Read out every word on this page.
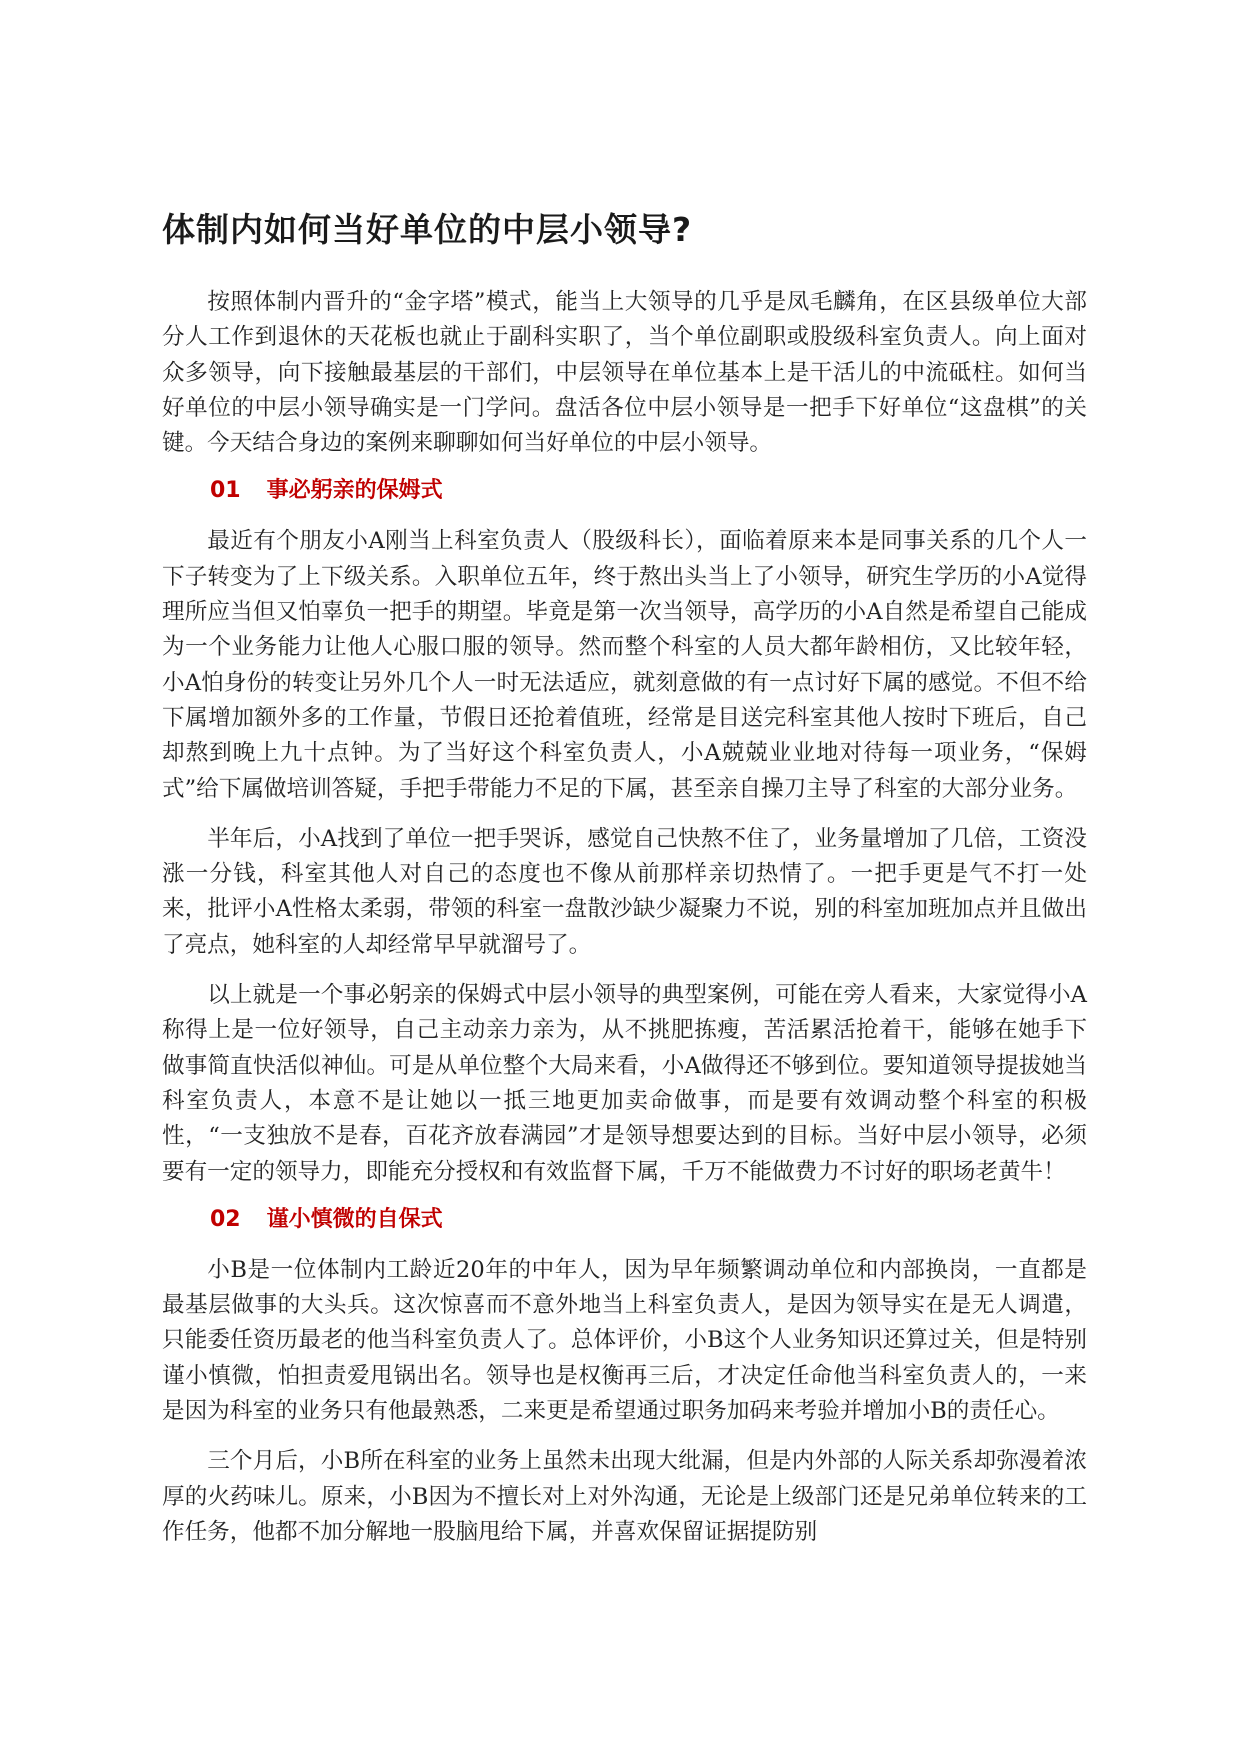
体制内如何当好单位的中层小领导?

按照体制内晋升的“金字塔”模式，能当上大领导的几乎是凤毛麟角，在区县级单位大部分人工作到退休的天花板也就止于副科实职了，当个单位副职或股级科室负责人。向上面对众多领导，向下接触最基层的干部们，中层领导在单位基本上是干活儿的中流砥柱。如何当好单位的中层小领导确实是一门学问。盘活各位中层小领导是一把手下好单位“这盘棋”的关键。今天结合身边的案例来聊聊如何当好单位的中层小领导。

01 事必躬亲的保姆式

最近有个朋友小A刚当上科室负责人（股级科长），面临着原来本是同事关系的几个人一下子转变为了上下级关系。入职单位五年，终于熬出头当上了小领导，研究生学历的小A觉得理所应当但又怕辜负一把手的期望。毕竟是第一次当领导，高学历的小A自然是希望自己能成为一个业务能力让他人心服口服的领导。然而整个科室的人员大都年龄相仿，又比较年轻，小A怕身份的转变让另外几个人一时无法适应，就刻意做的有一点讨好下属的感觉。不但不给下属增加额外多的工作量，节假日还抢着值班，经常是目送完科室其他人按时下班后，自己却熬到晚上九十点钟。为了当好这个科室负责人，小A兢兢业业地对待每一项业务，“保姆式”给下属做培训答疑，手把手带能力不足的下属，甚至亲自操刀主导了科室的大部分业务。

半年后，小A找到了单位一把手哭诉，感觉自己快熬不住了，业务量增加了几倍，工资没涨一分钱，科室其他人对自己的态度也不像从前那样亲切热情了。一把手更是气不打一处来，批评小A性格太柔弱，带领的科室一盘散沙缺少凝聚力不说，别的科室加班加点并且做出了亮点，她科室的人却经常早早就溜号了。

以上就是一个事必躬亲的保姆式中层小领导的典型案例，可能在旁人看来，大家觉得小A称得上是一位好领导，自己主动亲力亲为，从不挑肥拣瘦，苦活累活抢着干，能够在她手下做事简直快活似神仙。可是从单位整个大局来看，小A做得还不够到位。要知道领导提拔她当科室负责人，本意不是让她以一抵三地更加卖命做事，而是要有效调动整个科室的积极性，“一支独放不是春，百花齐放春满园”才是领导想要达到的目标。当好中层小领导，必须要有一定的领导力，即能充分授权和有效监督下属，千万不能做费力不讨好的职场老黄牛！

02 谨小慎微的自保式

小B是一位体制内工龄近20年的中年人，因为早年频繁调动单位和内部换岗，一直都是最基层做事的大头兵。这次惊喜而不意外地当上科室负责人，是因为领导实在是无人调遣，只能委任资历最老的他当科室负责人了。总体评价，小B这个人业务知识还算过关，但是特别谨小慎微，怕担责爱甩锅出名。领导也是权衡再三后，才决定任命他当科室负责人的，一来是因为科室的业务只有他最熟悉，二来更是希望通过职务加码来考验并增加小B的责任心。

三个月后，小B所在科室的业务上虽然未出现大纰漏，但是内外部的人际关系却弥漫着浓厚的火药味儿。原来，小B因为不擅长对上对外沟通，无论是上级部门还是兄弟单位转来的工作任务，他都不加分解地一股脑甩给下属，并喜欢保留证据提防别
